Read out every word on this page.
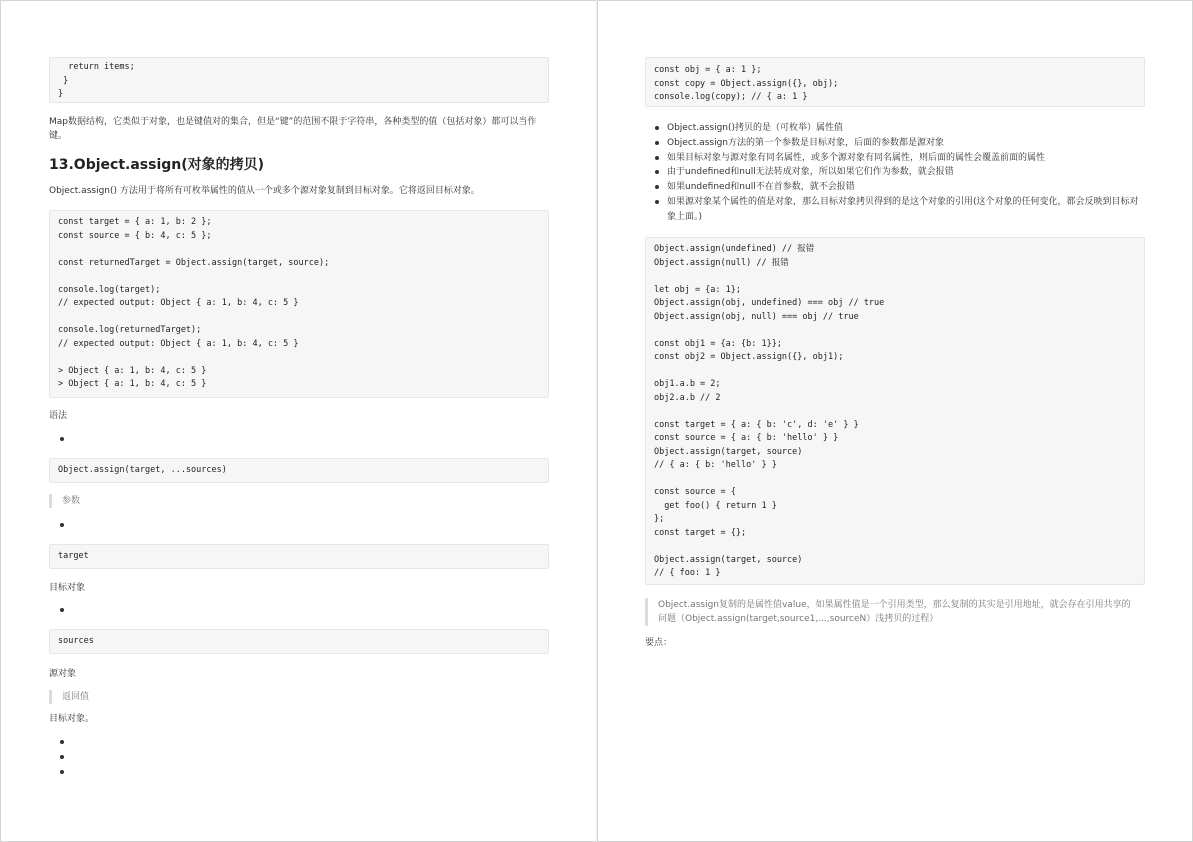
return items;
}
}

Map数据结构，它类似于对象，也是键值对的集合，但是“键”的范围不限于字符串，各种类型的值（包括对象）都可以当作键。

13.Object.assign(对象的拷贝)

Object.assign() 方法用于将所有可枚举属性的值从一个或多个源对象复制到目标对象。它将返回目标对象。

const target = { a: 1, b: 2 };
const source = { b: 4, c: 5 };

const returnedTarget = Object.assign(target, source);

console.log(target);
// expected output: Object { a: 1, b: 4, c: 5 }

console.log(returnedTarget);
// expected output: Object { a: 1, b: 4, c: 5 }

> Object { a: 1, b: 4, c: 5 }
> Object { a: 1, b: 4, c: 5 }

语法

Object.assign(target, ...sources)
参数
target

目标对象

sources

源对象

返回值

目标对象。

const obj = { a: 1 };
const copy = Object.assign({}, obj);
console.log(copy); // { a: 1 }
Object.assign()拷贝的是（可枚举）属性值
Object.assign方法的第一个参数是目标对象，后面的参数都是源对象
如果目标对象与源对象有同名属性，或多个源对象有同名属性，则后面的属性会覆盖前面的属性
由于undefined和null无法转成对象，所以如果它们作为参数，就会报错
如果undefined和null不在首参数，就不会报错
如果源对象某个属性的值是对象，那么目标对象拷贝得到的是这个对象的引用(这个对象的任何变化，都会反映到目标对象上面。)
Object.assign(undefined) // 报错
Object.assign(null) // 报错

let obj = {a: 1};
Object.assign(obj, undefined) === obj // true
Object.assign(obj, null) === obj // true

const obj1 = {a: {b: 1}};
const obj2 = Object.assign({}, obj1);

obj1.a.b = 2;
obj2.a.b // 2

const target = { a: { b: 'c', d: 'e' } }
const source = { a: { b: 'hello' } }
Object.assign(target, source)
// { a: { b: 'hello' } }

const source = {
get foo() { return 1 }
};
const target = {};

Object.assign(target, source)
// { foo: 1 }
Object.assign复制的是属性值value，如果属性值是一个引用类型，那么复制的其实是引用地址，就会存在引用共享的问题（Object.assign(target,source1,...,sourceN）浅拷贝的过程）

要点：
